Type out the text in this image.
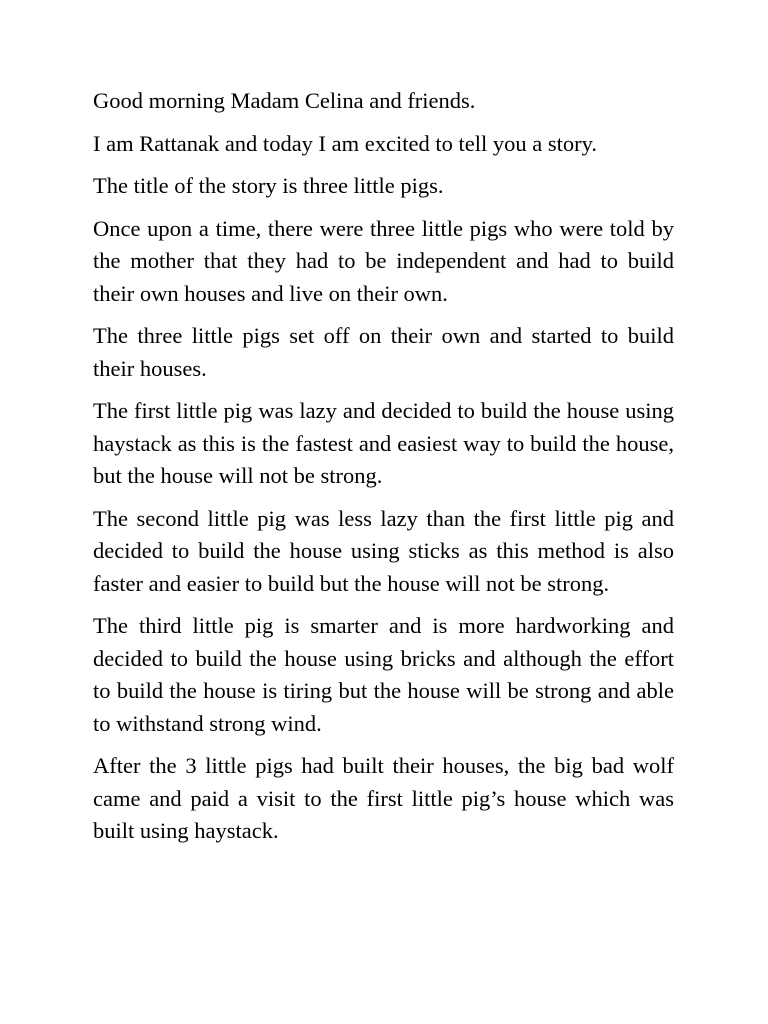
Good morning Madam Celina and friends.

I am Rattanak and today I am excited to tell you a story.

The title of the story is three little pigs.

Once upon a time, there were three little pigs who were told by the mother that they had to be independent and had to build their own houses and live on their own.

The three little pigs set off on their own and started to build their houses.

The first little pig was lazy and decided to build the house using haystack as this is the fastest and easiest way to build the house, but the house will not be strong.

The second little pig was less lazy than the first little pig and decided to build the house using sticks as this method is also faster and easier to build but the house will not be strong.

The third little pig is smarter and is more hardworking and decided to build the house using bricks and although the effort to build the house is tiring but the house will be strong and able to withstand strong wind.

After the 3 little pigs had built their houses, the big bad wolf came and paid a visit to the first little pig’s house which was built using haystack.
